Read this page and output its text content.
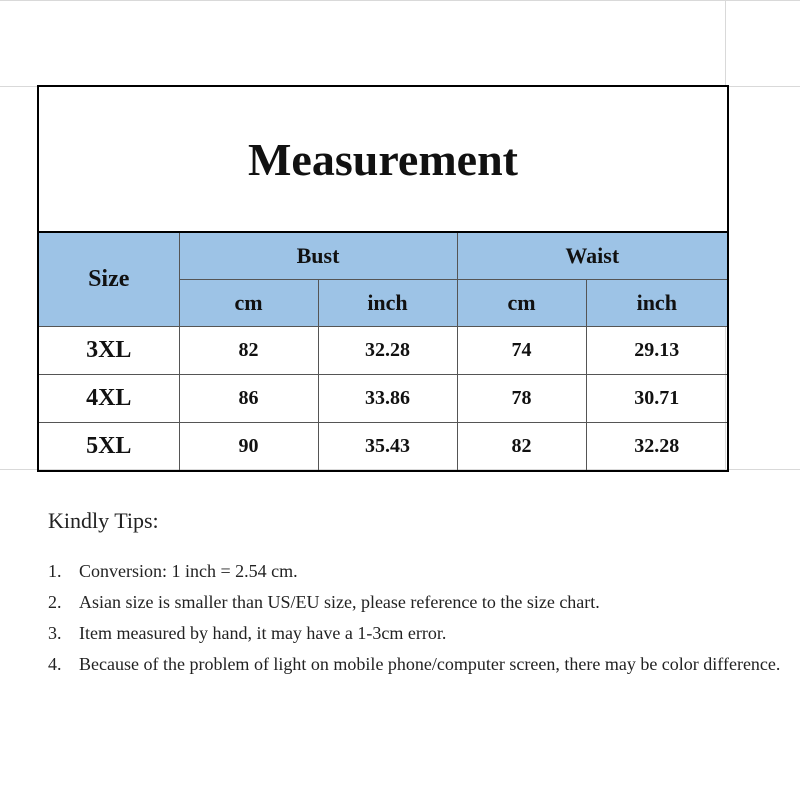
Measurement				
Size	Bust		Waist	
	cm	inch	cm	inch
3XL	82	32.28	74	29.13
4XL	86	33.86	78	30.71
5XL	90	35.43	82	32.28
Kindly Tips:
1. Conversion: 1 inch = 2.54 cm.
2. Asian size is smaller than US/EU size, please reference to the size chart.
3. Item measured by hand, it may have a 1-3cm error.
4. Because of the problem of light on mobile phone/computer screen, there may be color difference.
